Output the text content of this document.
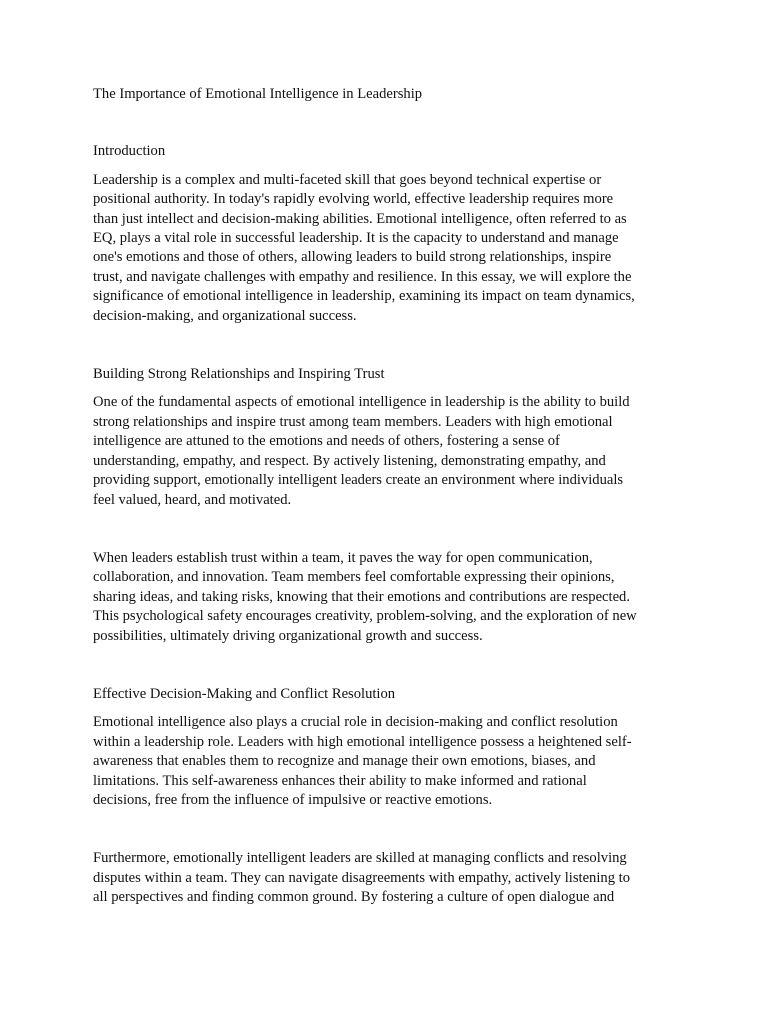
The Importance of Emotional Intelligence in Leadership
Introduction
Leadership is a complex and multi-faceted skill that goes beyond technical expertise or
positional authority. In today's rapidly evolving world, effective leadership requires more
than just intellect and decision-making abilities. Emotional intelligence, often referred to as
EQ, plays a vital role in successful leadership. It is the capacity to understand and manage
one's emotions and those of others, allowing leaders to build strong relationships, inspire
trust, and navigate challenges with empathy and resilience. In this essay, we will explore the
significance of emotional intelligence in leadership, examining its impact on team dynamics,
decision-making, and organizational success.
Building Strong Relationships and Inspiring Trust
One of the fundamental aspects of emotional intelligence in leadership is the ability to build
strong relationships and inspire trust among team members. Leaders with high emotional
intelligence are attuned to the emotions and needs of others, fostering a sense of
understanding, empathy, and respect. By actively listening, demonstrating empathy, and
providing support, emotionally intelligent leaders create an environment where individuals
feel valued, heard, and motivated.
When leaders establish trust within a team, it paves the way for open communication,
collaboration, and innovation. Team members feel comfortable expressing their opinions,
sharing ideas, and taking risks, knowing that their emotions and contributions are respected.
This psychological safety encourages creativity, problem-solving, and the exploration of new
possibilities, ultimately driving organizational growth and success.
Effective Decision-Making and Conflict Resolution
Emotional intelligence also plays a crucial role in decision-making and conflict resolution
within a leadership role. Leaders with high emotional intelligence possess a heightened self-
awareness that enables them to recognize and manage their own emotions, biases, and
limitations. This self-awareness enhances their ability to make informed and rational
decisions, free from the influence of impulsive or reactive emotions.
Furthermore, emotionally intelligent leaders are skilled at managing conflicts and resolving
disputes within a team. They can navigate disagreements with empathy, actively listening to
all perspectives and finding common ground. By fostering a culture of open dialogue and
